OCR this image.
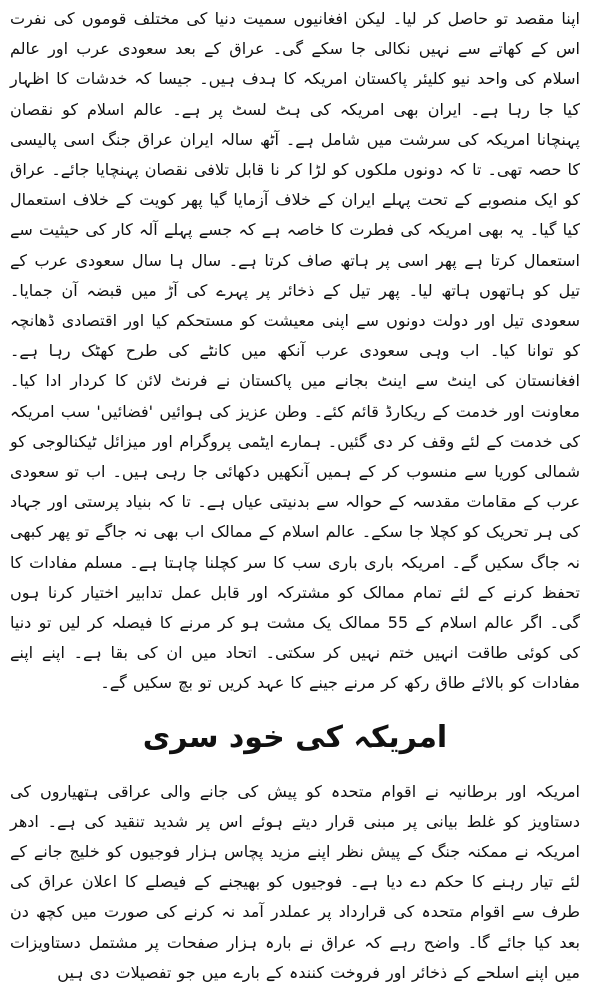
اپنا مقصد تو حاصل کر لیا۔ لیکن افغانیوں سمیت دنیا کی مختلف قوموں کی نفرت اس کے کھاتے سے نہیں نکالی جا سکے گی۔ عراق کے بعد سعودی عرب اور عالم اسلام کی واحد نیو کلیئر پاکستان امریکہ کا ہدف ہیں۔ جیسا کہ خدشات کا اظہار کیا جا رہا ہے۔ ایران بھی امریکہ کی ہٹ لسٹ پر ہے۔ عالم اسلام کو نقصان پہنچانا امریکہ کی سرشت میں شامل ہے۔ آٹھ سالہ ایران عراق جنگ اسی پالیسی کا حصہ تھی۔ تا کہ دونوں ملکوں کو لڑا کر نا قابل تلافی نقصان پہنچایا جائے۔ عراق کو ایک منصوبے کے تحت پہلے ایران کے خلاف آزمایا گیا پھر کویت کے خلاف استعمال کیا گیا۔ یہ بھی امریکہ کی فطرت کا خاصہ ہے کہ جسے پہلے آلہ کار کی حیثیت سے استعمال کرتا ہے پھر اسی پر ہاتھ صاف کرتا ہے۔ سال ہا سال سعودی عرب کے تیل کو ہاتھوں ہاتھ لیا۔ پھر تیل کے ذخائر پر پہرے کی آڑ میں قبضہ آن جمایا۔ سعودی تیل اور دولت دونوں سے اپنی معیشت کو مستحکم کیا اور اقتصادی ڈھانچہ کو توانا کیا۔ اب وہی سعودی عرب آنکھ میں کانٹے کی طرح کھٹک رہا ہے۔ افغانستان کی اینٹ سے اینٹ بجانے میں پاکستان نے فرنٹ لائن کا کردار ادا کیا۔ معاونت اور خدمت کے ریکارڈ قائم کئے۔ وطن عزیز کی ہوائیں 'فضائیں' سب امریکہ کی خدمت کے لئے وقف کر دی گئیں۔ ہمارے ایٹمی پروگرام اور میزائل ٹیکنالوجی کو شمالی کوریا سے منسوب کر کے ہمیں آنکھیں دکھائی جا رہی ہیں۔ اب تو سعودی عرب کے مقامات مقدسہ کے حوالہ سے بدنیتی عیاں ہے۔ تا کہ بنیاد پرستی اور جہاد کی ہر تحریک کو کچلا جا سکے۔ عالم اسلام کے ممالک اب بھی نہ جاگے تو پھر کبھی نہ جاگ سکیں گے۔ امریکہ باری باری سب کا سر کچلنا چاہتا ہے۔ مسلم مفادات کا تحفظ کرنے کے لئے تمام ممالک کو مشترکہ اور قابل عمل تدابیر اختیار کرنا ہوں گی۔ اگر عالم اسلام کے 55 ممالک یک مشت ہو کر مرنے کا فیصلہ کر لیں تو دنیا کی کوئی طاقت انہیں ختم نہیں کر سکتی۔ اتحاد میں ان کی بقا ہے۔ اپنے اپنے مفادات کو بالائے طاق رکھ کر مرنے جینے کا عہد کریں تو بچ سکیں گے۔

امریکہ کی خود سری

امریکہ اور برطانیہ نے اقوام متحدہ کو پیش کی جانے والی عراقی ہتھیاروں کی دستاویز کو غلط بیانی پر مبنی قرار دیتے ہوئے اس پر شدید تنقید کی ہے۔ ادھر امریکہ نے ممکنہ جنگ کے پیش نظر اپنے مزید پچاس ہزار فوجیوں کو خلیج جانے کے لئے تیار رہنے کا حکم دے دیا ہے۔ فوجیوں کو بھیجنے کے فیصلے کا اعلان عراق کی طرف سے اقوام متحدہ کی قرارداد پر عملدر آمد نہ کرنے کی صورت میں کچھ دن بعد کیا جائے گا۔ واضح رہے کہ عراق نے بارہ ہزار صفحات پر مشتمل دستاویزات میں اپنے اسلحے کے ذخائر اور فروخت کنندہ کے بارے میں جو تفصیلات دی ہیں
